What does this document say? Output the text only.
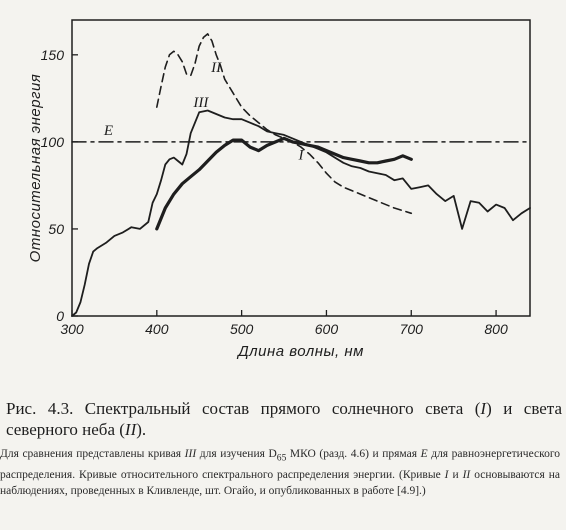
300	400	500	600	700	800
0
50
100
150
E
I
II
III
Относительная энергия
Длина волны, нм
Рис. 4.3. Спектральный состав прямого солнечного света (I) и света северного неба (II).
Для сравнения представлены кривая III для изучения $D_{65}$ МКО (разд. 4.6) и прямая E для равноэнергетического распределения. Кривые относительного спектрального распределения энергии. (Кривые I и II основываются на наблюдениях, проведенных в Кливленде, шт. Огайо, и опубликованных в работе [4.9].)
